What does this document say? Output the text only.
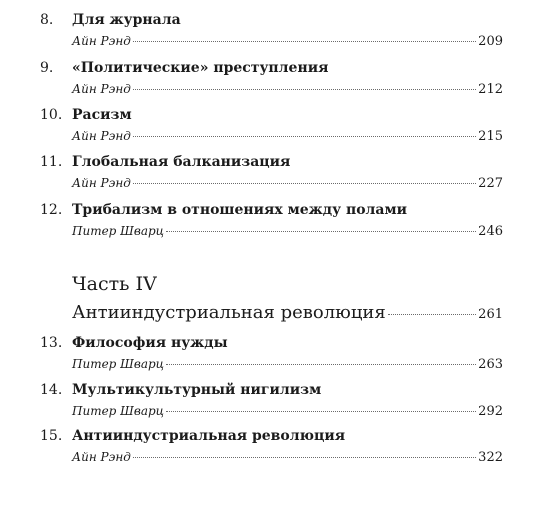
8. Для журнала
Айн Рэнд	209
9. «Политические» преступления
Айн Рэнд	212
10. Расизм
Айн Рэнд	215
11. Глобальная балканизация
Айн Рэнд	227
12. Трибализм в отношениях между полами
Питер Шварц	246
Часть IV
Антииндустриальная революция	261
13. Философия нужды
Питер Шварц	263
14. Мультикультурный нигилизм
Питер Шварц	292
15. Антииндустриальная революция
Айн Рэнд	322
